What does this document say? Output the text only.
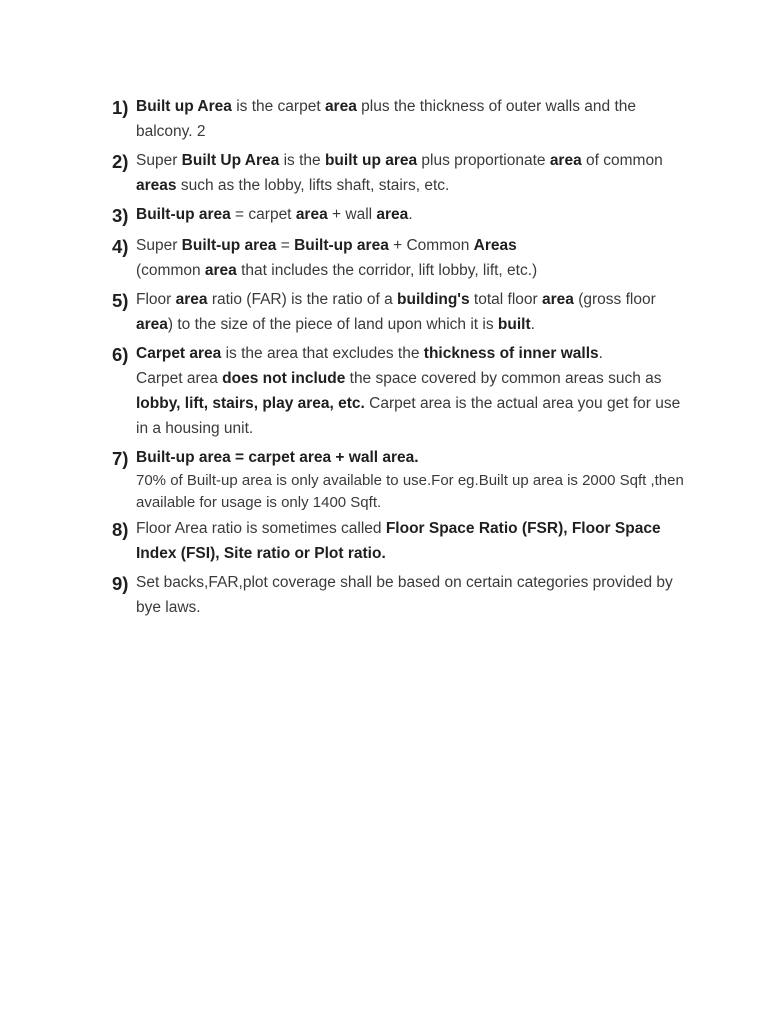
1) Built up Area is the carpet area plus the thickness of outer walls and the balcony. 2
2) Super Built Up Area is the built up area plus proportionate area of common areas such as the lobby, lifts shaft, stairs, etc.
3) Built-up area = carpet area + wall area.
4) Super Built-up area = Built-up area + Common Areas
(common area that includes the corridor, lift lobby, lift, etc.)
5) Floor area ratio (FAR) is the ratio of a building's total floor area (gross floor area) to the size of the piece of land upon which it is built.
6) Carpet area is the area that excludes the thickness of inner walls.
Carpet area does not include the space covered by common areas such as lobby, lift, stairs, play area, etc. Carpet area is the actual area you get for use in a housing unit.
7) Built-up area = carpet area + wall area.
70% of Built-up area is only available to use.For eg.Built up area is 2000 Sqft ,then available for usage is only 1400 Sqft.
8) Floor Area ratio is sometimes called Floor Space Ratio (FSR), Floor Space Index (FSI), Site ratio or Plot ratio.
9) Set backs,FAR,plot coverage shall be based on certain categories provided by bye laws.
